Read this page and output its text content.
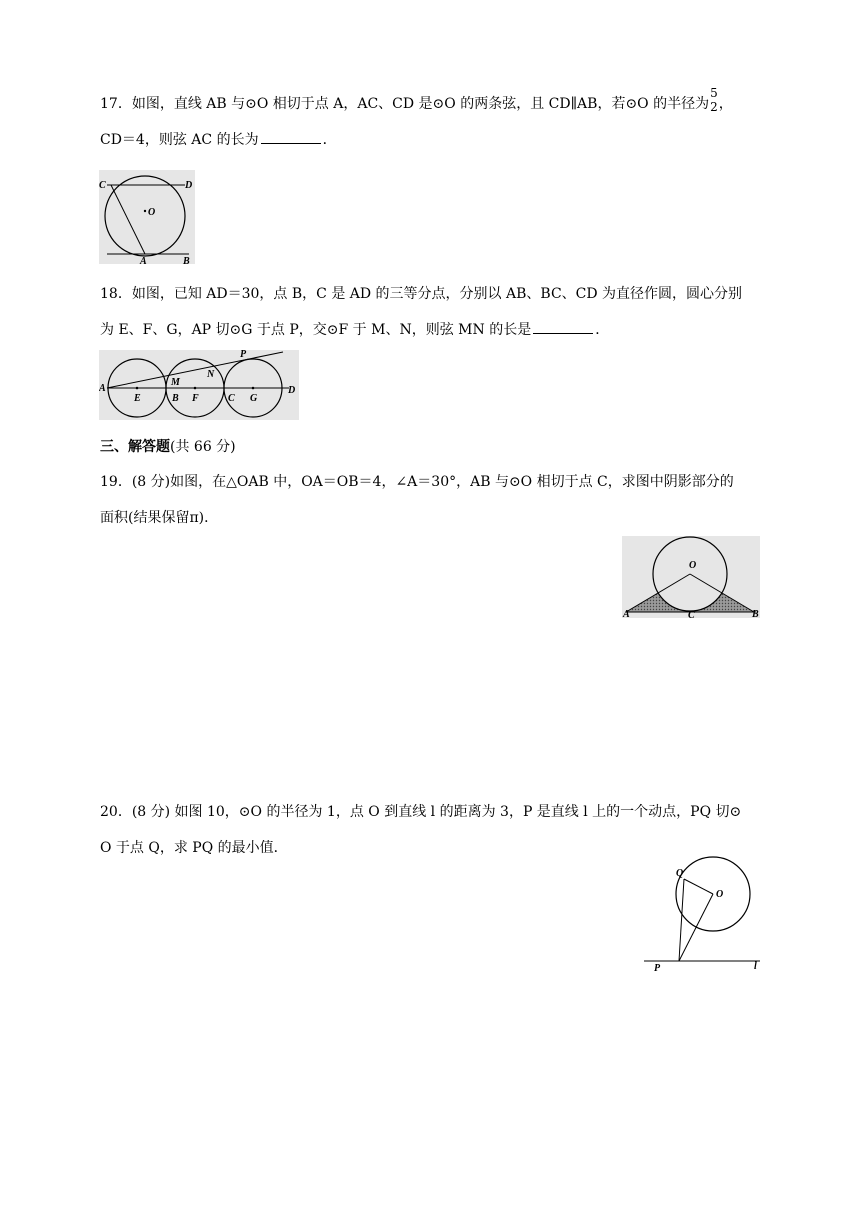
17．如图，直线 AB 与⊙O 相切于点 A，AC、CD 是⊙O 的两条弦，且 CD∥AB，若⊙O 的半径为
5
2 ，
CD＝4，则弦 AC 的长为	．
C	D
O
A	B
18．如图，已知 AD＝30，点 B，C 是 AD 的三等分点，分别以 AB、BC、CD 为直径作圆，圆心分别
为 E、F、G，AP 切⊙G 于点 P，交⊙F 于 M、N，则弦 MN 的长是	．
A
E
M
B F
N
P
C G
D
三、解答题(共 66 分)
19．(8 分)如图，在△OAB 中，OA＝OB＝4，∠A＝30°，AB 与⊙O 相切于点 C，求图中阴影部分的
面积(结果保留π)．
O
A	C	B
20．(8 分) 如图 10，⊙O 的半径为 1，点 O 到直线 l 的距离为 3，P 是直线 l 上的一个动点，PQ 切⊙
O 于点 Q，求 PQ 的最小值．
Q
O
P	l
